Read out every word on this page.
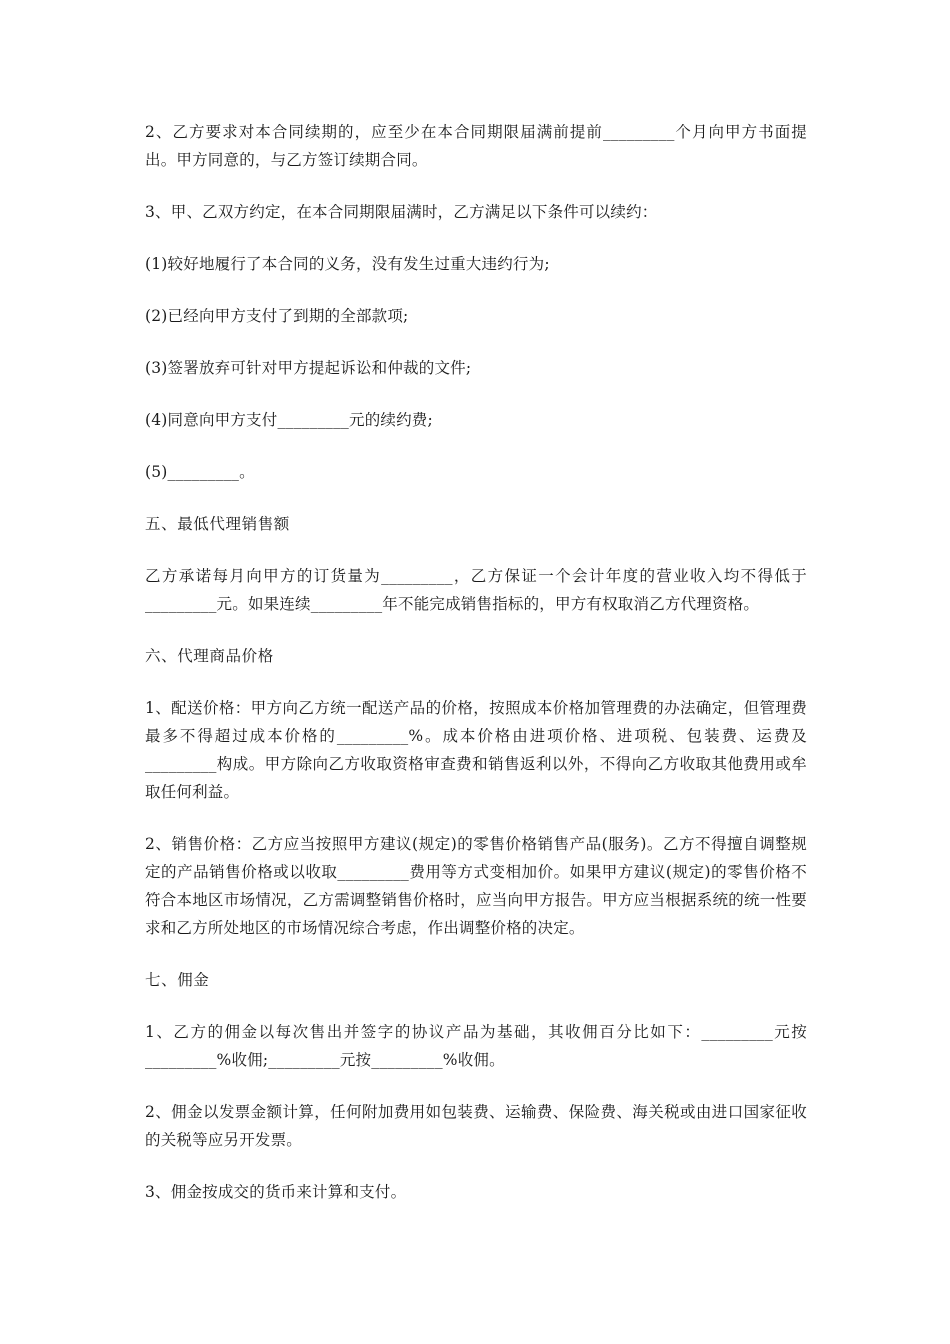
2、乙方要求对本合同续期的，应至少在本合同期限届满前提前_________个月向甲方书面提出。甲方同意的，与乙方签订续期合同。

3、甲、乙双方约定，在本合同期限届满时，乙方满足以下条件可以续约：

(1)较好地履行了本合同的义务，没有发生过重大违约行为;

(2)已经向甲方支付了到期的全部款项;

(3)签署放弃可针对甲方提起诉讼和仲裁的文件;

(4)同意向甲方支付_________元的续约费;

(5)_________。

五、最低代理销售额

乙方承诺每月向甲方的订货量为_________，乙方保证一个会计年度的营业收入均不得低于_________元。如果连续_________年不能完成销售指标的，甲方有权取消乙方代理资格。

六、代理商品价格

1、配送价格：甲方向乙方统一配送产品的价格，按照成本价格加管理费的办法确定，但管理费最多不得超过成本价格的_________%。成本价格由进项价格、进项税、包装费、运费及_________构成。甲方除向乙方收取资格审查费和销售返利以外，不得向乙方收取其他费用或牟取任何利益。

2、销售价格：乙方应当按照甲方建议(规定)的零售价格销售产品(服务)。乙方不得擅自调整规定的产品销售价格或以收取_________费用等方式变相加价。如果甲方建议(规定)的零售价格不符合本地区市场情况，乙方需调整销售价格时，应当向甲方报告。甲方应当根据系统的统一性要求和乙方所处地区的市场情况综合考虑，作出调整价格的决定。

七、佣金

1、乙方的佣金以每次售出并签字的协议产品为基础，其收佣百分比如下：_________元按_________%收佣;_________元按_________%收佣。

2、佣金以发票金额计算，任何附加费用如包装费、运输费、保险费、海关税或由进口国家征收的关税等应另开发票。

3、佣金按成交的货币来计算和支付。
